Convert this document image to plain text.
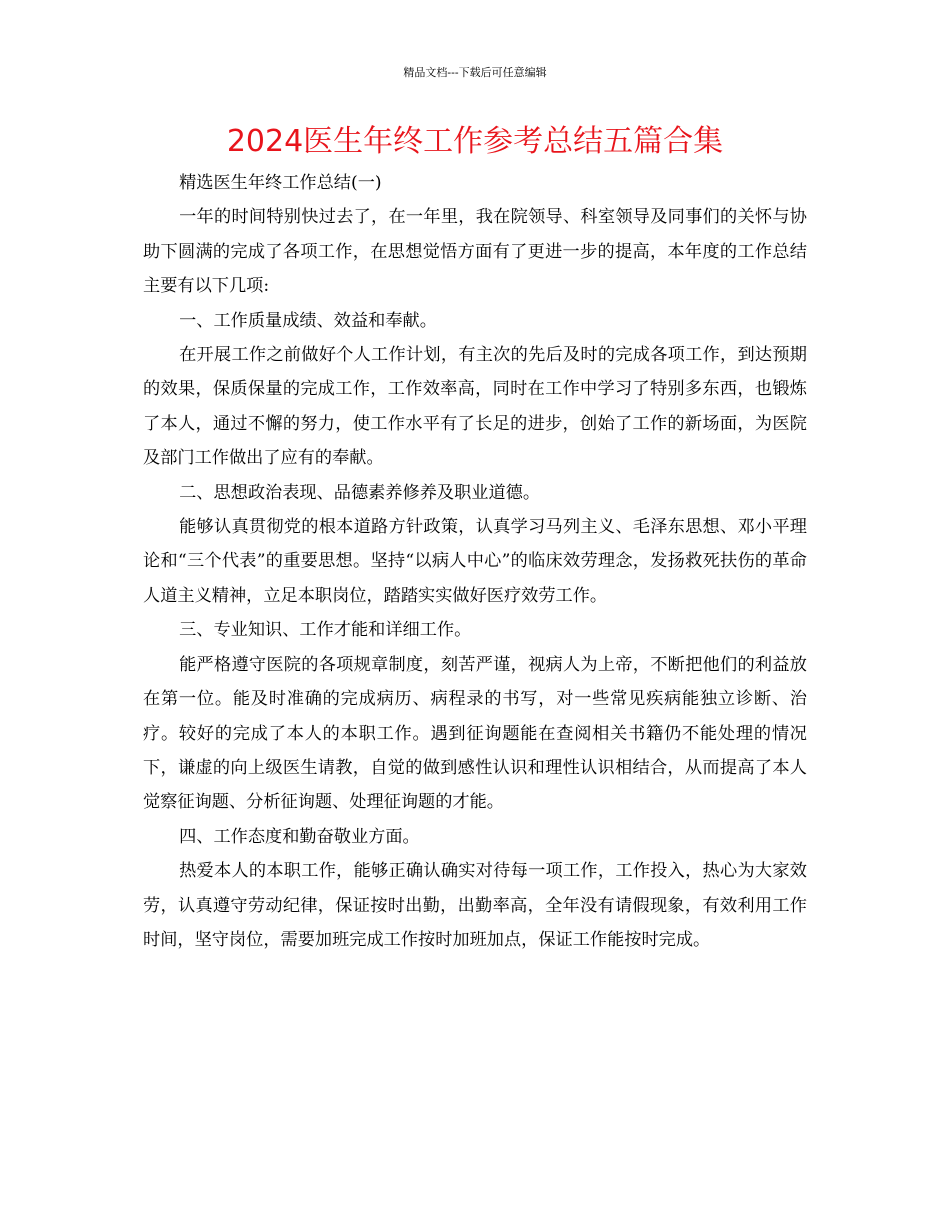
精品文档---下载后可任意编辑
2024医生年终工作参考总结五篇合集

精选医生年终工作总结(一)

一年的时间特别快过去了，在一年里，我在院领导、科室领导及同事们的关怀与协助下圆满的完成了各项工作，在思想觉悟方面有了更进一步的提高，本年度的工作总结主要有以下几项:

一、工作质量成绩、效益和奉献。

在开展工作之前做好个人工作计划，有主次的先后及时的完成各项工作，到达预期的效果，保质保量的完成工作，工作效率高，同时在工作中学习了特别多东西，也锻炼了本人，通过不懈的努力，使工作水平有了长足的进步，创始了工作的新场面，为医院及部门工作做出了应有的奉献。

二、思想政治表现、品德素养修养及职业道德。

能够认真贯彻党的根本道路方针政策，认真学习马列主义、毛泽东思想、邓小平理论和“三个代表”的重要思想。坚持“以病人中心”的临床效劳理念，发扬救死扶伤的革命人道主义精神，立足本职岗位，踏踏实实做好医疗效劳工作。

三、专业知识、工作才能和详细工作。

能严格遵守医院的各项规章制度，刻苦严谨，视病人为上帝，不断把他们的利益放在第一位。能及时准确的完成病历、病程录的书写，对一些常见疾病能独立诊断、治疗。较好的完成了本人的本职工作。遇到征询题能在查阅相关书籍仍不能处理的情况下，谦虚的向上级医生请教，自觉的做到感性认识和理性认识相结合，从而提高了本人觉察征询题、分析征询题、处理征询题的才能。

四、工作态度和勤奋敬业方面。

热爱本人的本职工作，能够正确认确实对待每一项工作，工作投入，热心为大家效劳，认真遵守劳动纪律，保证按时出勤，出勤率高，全年没有请假现象，有效利用工作时间，坚守岗位，需要加班完成工作按时加班加点，保证工作能按时完成。
